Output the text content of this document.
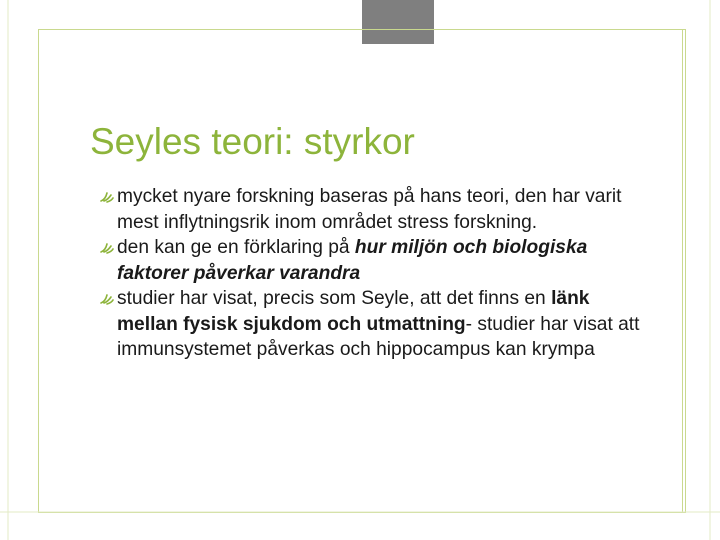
Seyles teori: styrkor
mycket nyare forskning baseras på hans teori, den har varit mest inflytningsrik inom området stress forskning.
den kan ge en förklaring på hur miljön och biologiska faktorer påverkar varandra
studier har visat, precis som Seyle, att det finns en länk mellan fysisk sjukdom och utmattning- studier har visat att immunsystemet påverkas och hippocampus kan krympa
